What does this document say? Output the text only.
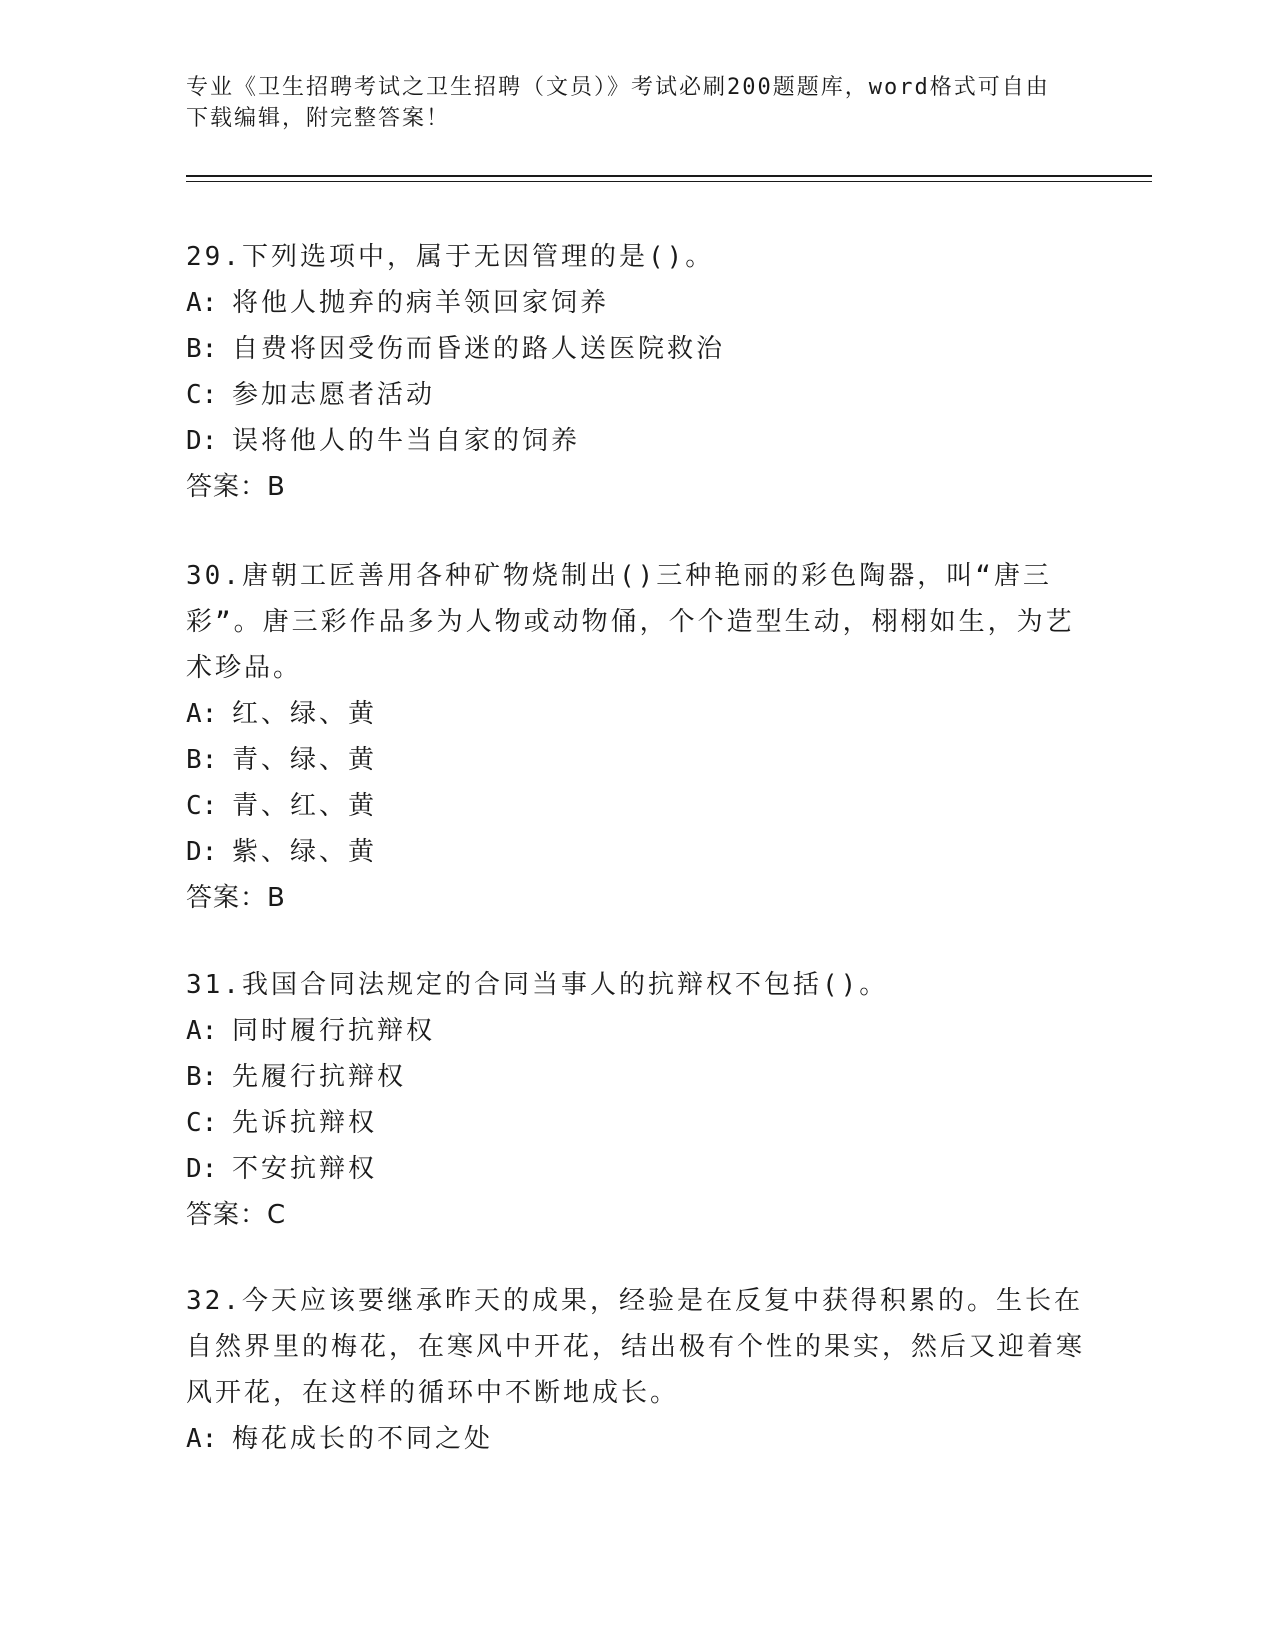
专业《卫生招聘考试之卫生招聘（文员）》考试必刷200题题库，word格式可自由下载编辑，附完整答案！
29.下列选项中，属于无因管理的是()。
A: 将他人抛弃的病羊领回家饲养
B: 自费将因受伤而昏迷的路人送医院救治
C: 参加志愿者活动
D: 误将他人的牛当自家的饲养
答案：B
30.唐朝工匠善用各种矿物烧制出()三种艳丽的彩色陶器，叫“唐三彩”。唐三彩作品多为人物或动物俑，个个造型生动，栩栩如生，为艺术珍品。
A: 红、绿、黄
B: 青、绿、黄
C: 青、红、黄
D: 紫、绿、黄
答案：B
31.我国合同法规定的合同当事人的抗辩权不包括()。
A: 同时履行抗辩权
B: 先履行抗辩权
C: 先诉抗辩权
D: 不安抗辩权
答案：C
32.今天应该要继承昨天的成果，经验是在反复中获得积累的。生长在自然界里的梅花，在寒风中开花，结出极有个性的果实，然后又迎着寒风开花，在这样的循环中不断地成长。
A: 梅花成长的不同之处
